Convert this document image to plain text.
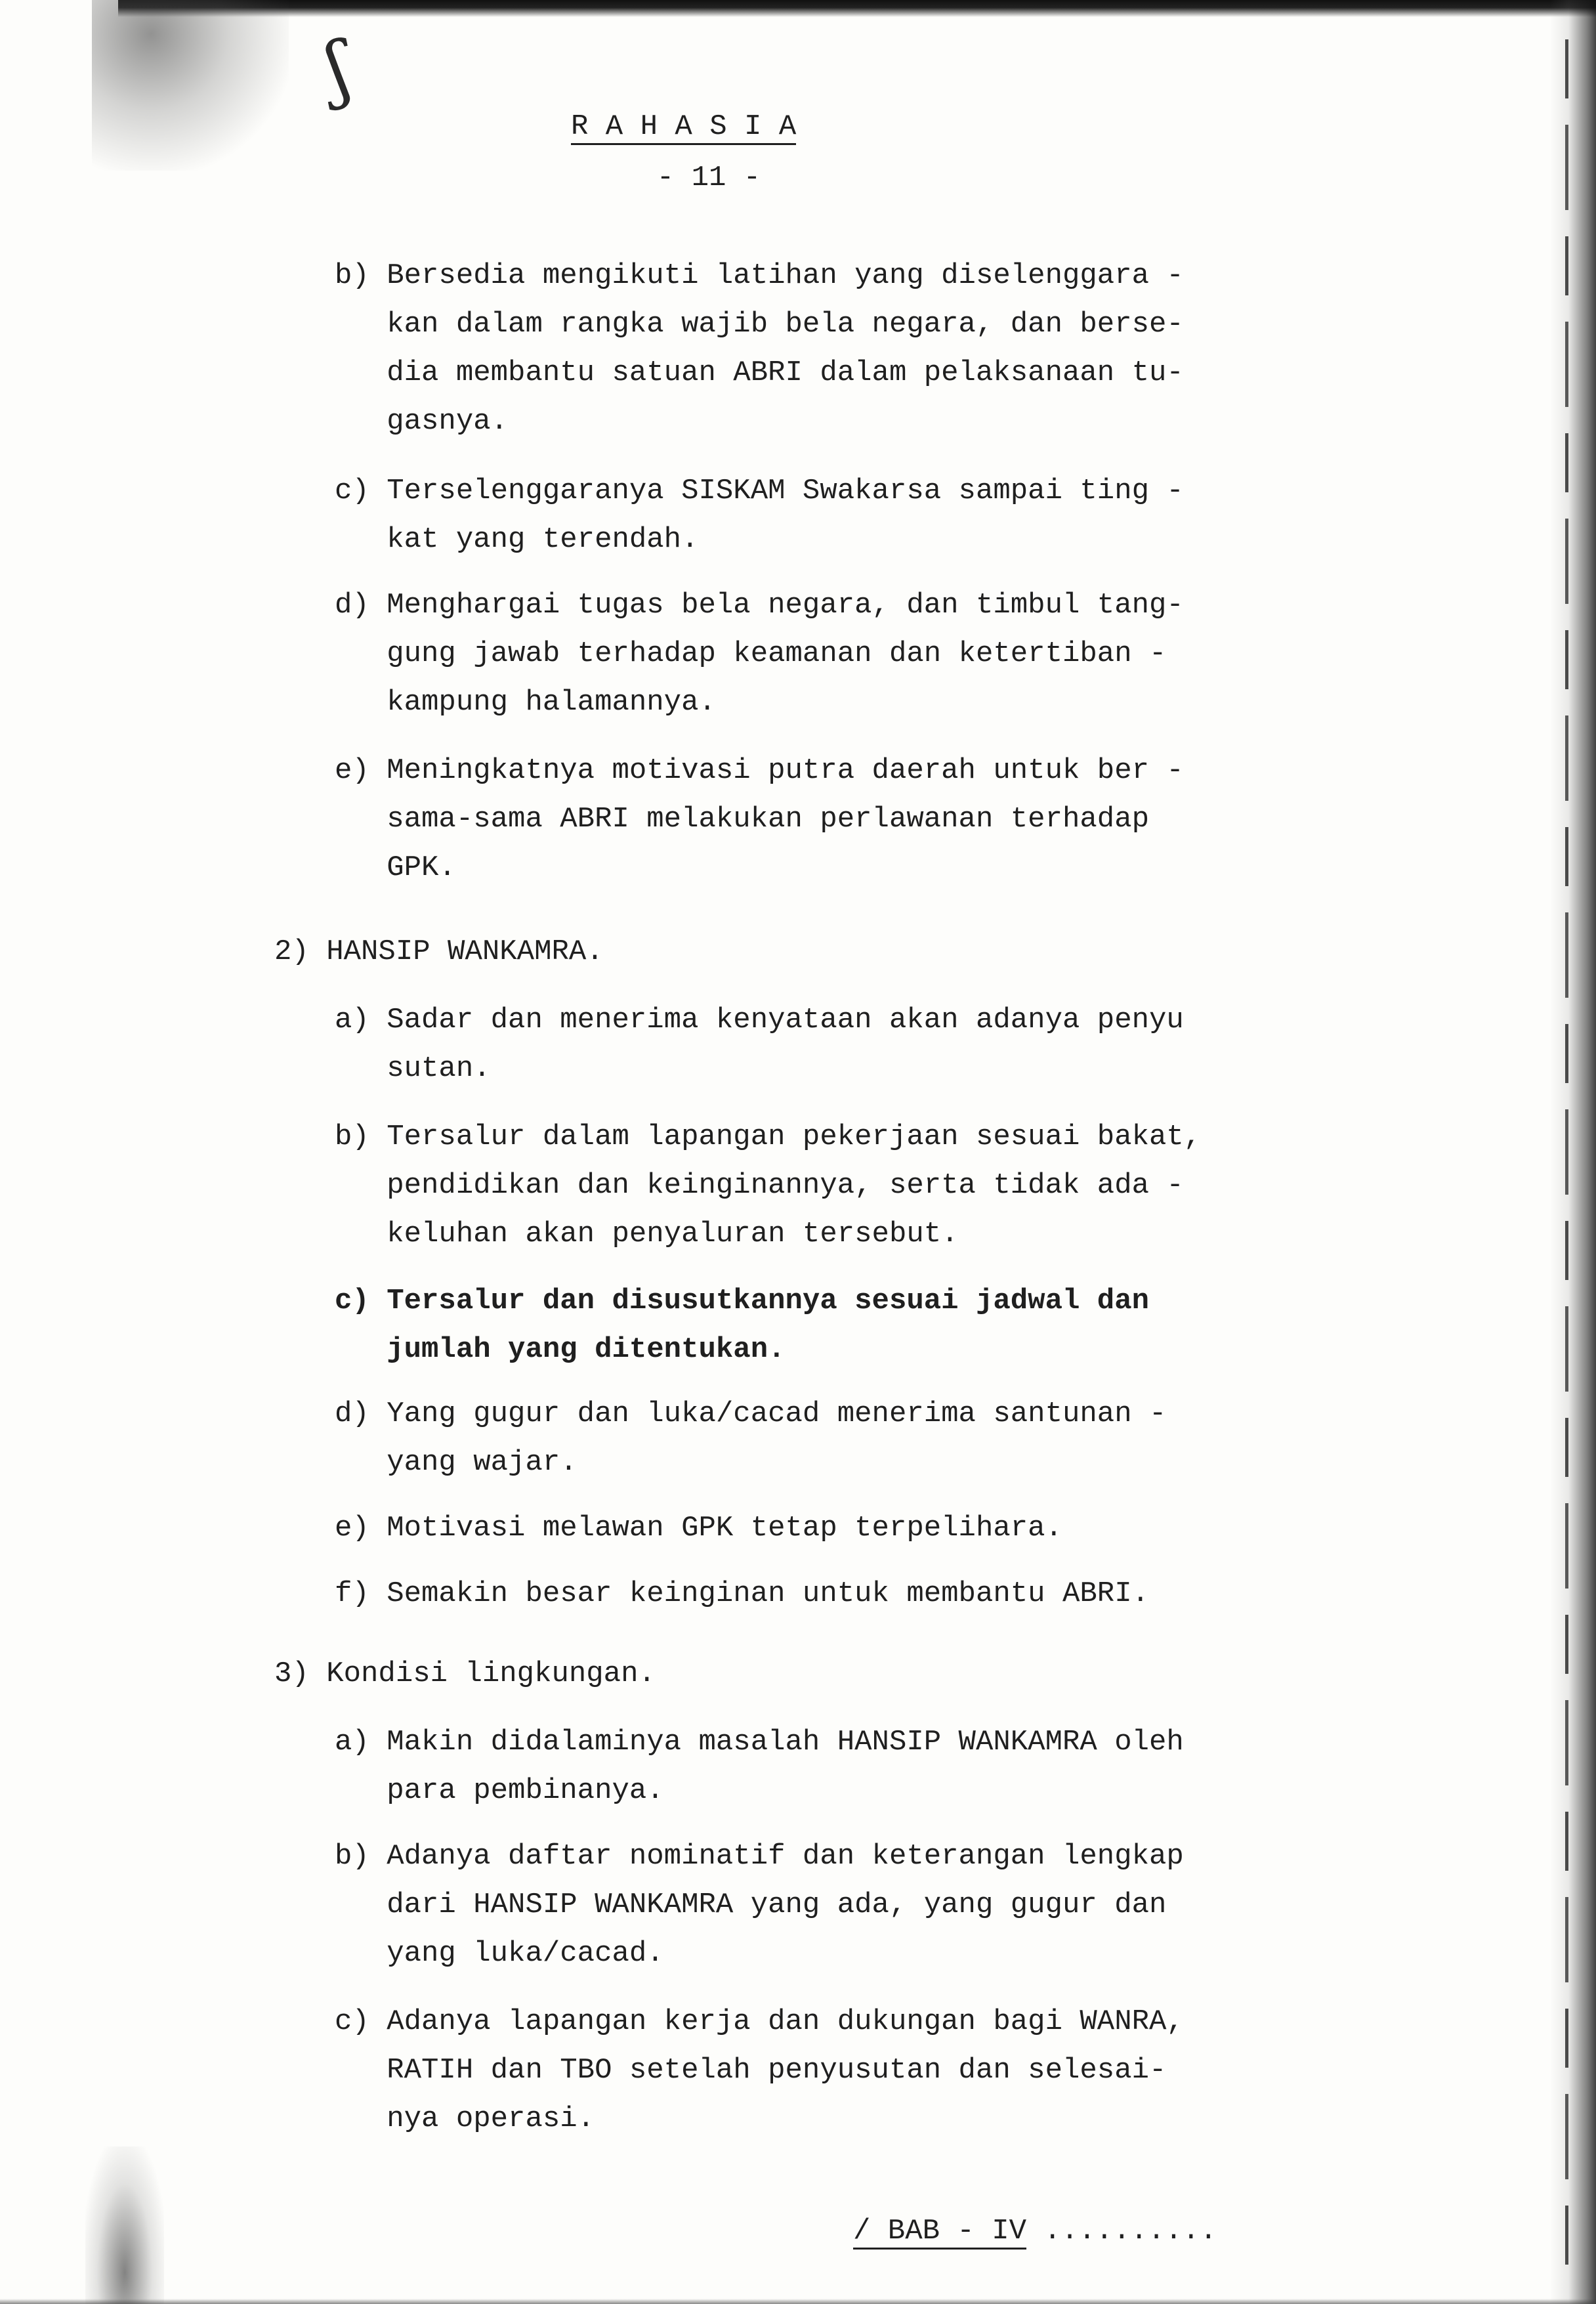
ʃ
R A H A S I A
- 11 -
b) Bersedia mengikuti latihan yang diselenggara -
kan dalam rangka wajib bela negara, dan berse-
dia membantu satuan ABRI dalam pelaksanaan tu-
gasnya.
c) Terselenggaranya SISKAM Swakarsa sampai ting -
kat yang terendah.
d) Menghargai tugas bela negara, dan timbul tang-
gung jawab terhadap keamanan dan ketertiban -
kampung halamannya.
e) Meningkatnya motivasi putra daerah untuk ber -
sama-sama ABRI melakukan perlawanan terhadap
GPK.
2) HANSIP WANKAMRA.
a) Sadar dan menerima kenyataan akan adanya penyu
sutan.
b) Tersalur dalam lapangan pekerjaan sesuai bakat,
pendidikan dan keinginannya, serta tidak ada -
keluhan akan penyaluran tersebut.
c) Tersalur dan disusutkannya sesuai jadwal dan
jumlah yang ditentukan.
d) Yang gugur dan luka/cacad menerima santunan -
yang wajar.
e) Motivasi melawan GPK tetap terpelihara.
f) Semakin besar keinginan untuk membantu ABRI.
3) Kondisi lingkungan.
a) Makin didalaminya masalah HANSIP WANKAMRA oleh
para pembinanya.
b) Adanya daftar nominatif dan keterangan lengkap
dari HANSIP WANKAMRA yang ada, yang gugur dan
yang luka/cacad.
c) Adanya lapangan kerja dan dukungan bagi WANRA,
RATIH dan TBO setelah penyusutan dan selesai-
nya operasi.
/ BAB - IV ..........
